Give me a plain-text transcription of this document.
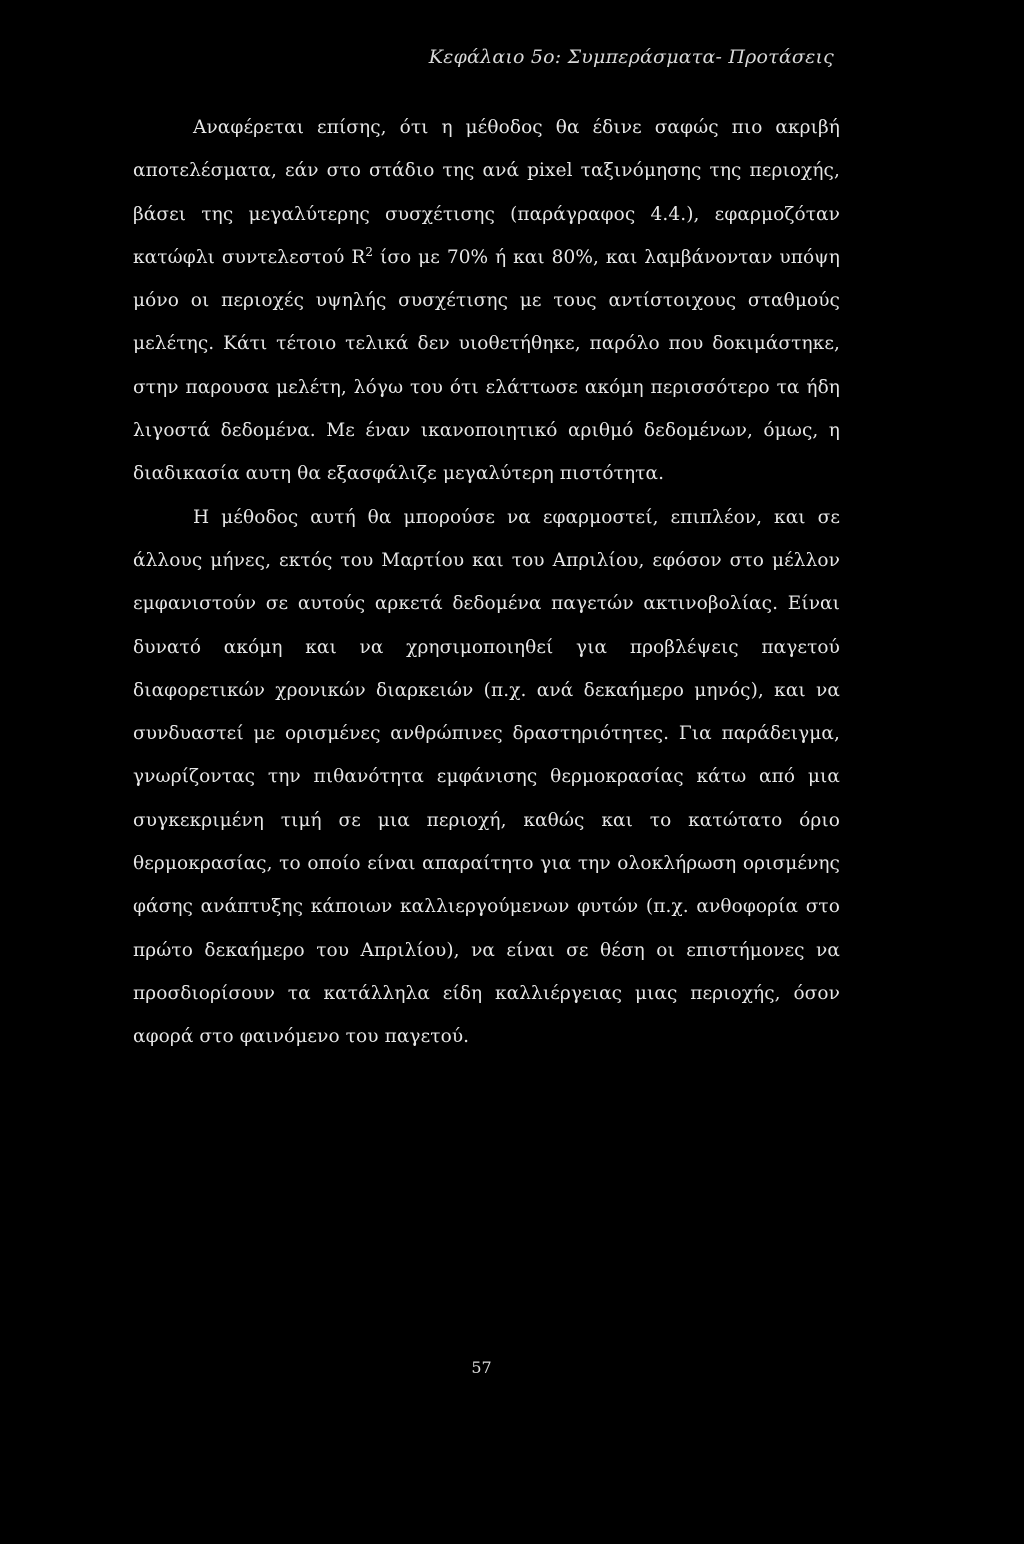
Κεφάλαιο 5ο: Συμπεράσματα- Προτάσεις

Αναφέρεται επίσης, ότι η μέθοδος θα έδινε σαφώς πιο ακριβή αποτελέσματα, εάν στο στάδιο της ανά pixel ταξινόμησης της περιοχής, βάσει της μεγαλύτερης συσχέτισης (παράγραφος 4.4.), εφαρμοζόταν κατώφλι συντελεστού $R^2$ ίσο με 70% ή και 80%, και λαμβάνονταν υπόψη μόνο οι περιοχές υψηλής συσχέτισης με τους αντίστοιχους σταθμούς μελέτης. Κάτι τέτοιο τελικά δεν υιοθετήθηκε, παρόλο που δοκιμάστηκε, στην παρουσα μελέτη, λόγω του ότι ελάττωσε ακόμη περισσότερο τα ήδη λιγοστά δεδομένα. Με έναν ικανοποιητικό αριθμό δεδομένων, όμως, η διαδικασία αυτη θα εξασφάλιζε μεγαλύτερη πιστότητα.

Η μέθοδος αυτή θα μπορούσε να εφαρμοστεί, επιπλέον, και σε άλλους μήνες, εκτός του Μαρτίου και του Απριλίου, εφόσον στο μέλλον εμφανιστούν σε αυτούς αρκετά δεδομένα παγετών ακτινοβολίας. Είναι δυνατό ακόμη και να χρησιμοποιηθεί για προβλέψεις παγετού διαφορετικών χρονικών διαρκειών (π.χ. ανά δεκαήμερο μηνός), και να συνδυαστεί με ορισμένες ανθρώπινες δραστηριότητες. Για παράδειγμα, γνωρίζοντας την πιθανότητα εμφάνισης θερμοκρασίας κάτω από μια συγκεκριμένη τιμή σε μια περιοχή, καθώς και το κατώτατο όριο θερμοκρασίας, το οποίο είναι απαραίτητο για την ολοκλήρωση ορισμένης φάσης ανάπτυξης κάποιων καλλιεργούμενων φυτών (π.χ. ανθοφορία στο πρώτο δεκαήμερο του Απριλίου), να είναι σε θέση οι επιστήμονες να προσδιορίσουν τα κατάλληλα είδη καλλιέργειας μιας περιοχής, όσον αφορά στο φαινόμενο του παγετού.

57
